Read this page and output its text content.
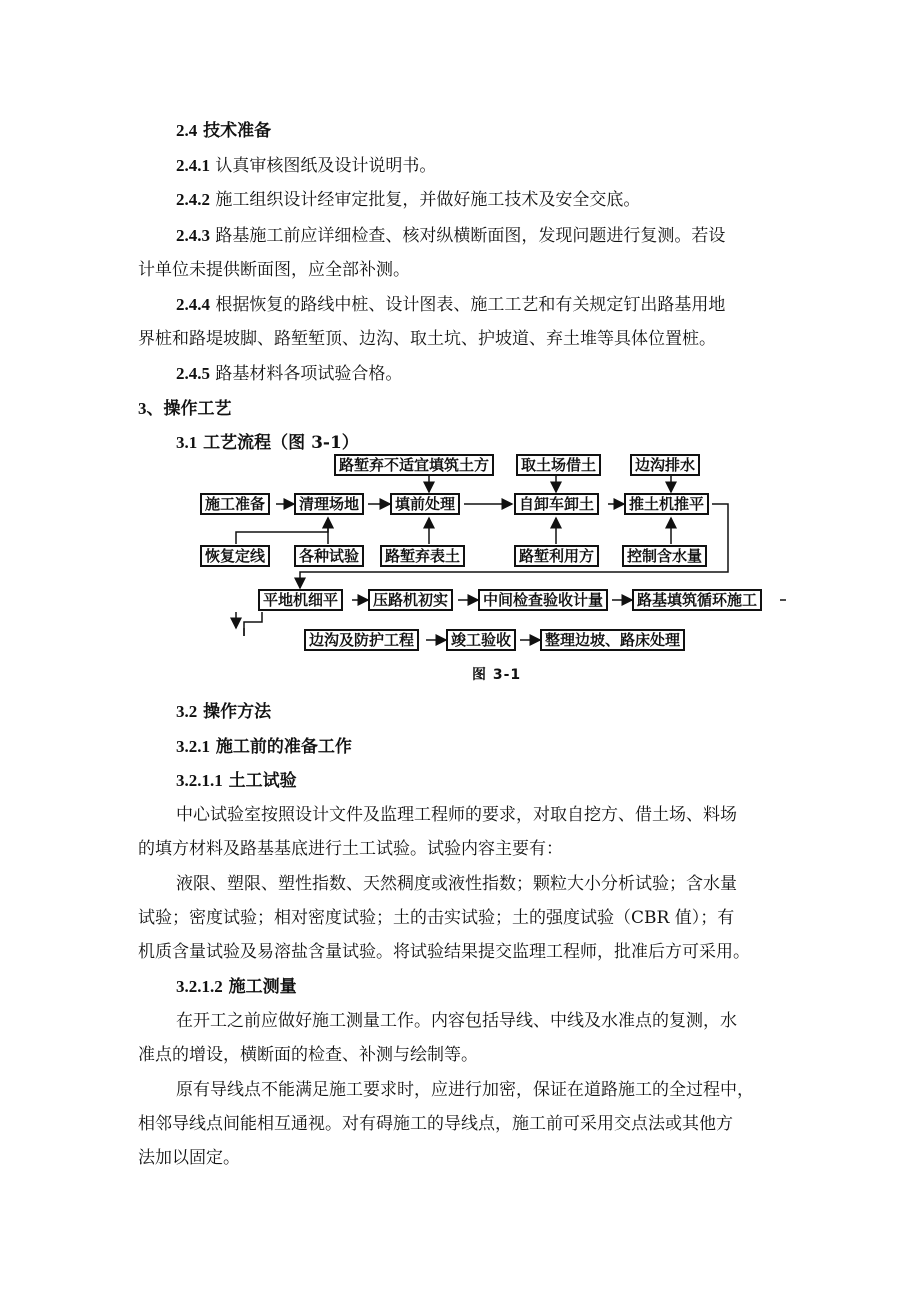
2.4 技术准备
2.4.1 认真审核图纸及设计说明书。
2.4.2 施工组织设计经审定批复，并做好施工技术及安全交底。
2.4.3 路基施工前应详细检查、核对纵横断面图，发现问题进行复测。若设
计单位未提供断面图，应全部补测。
2.4.4 根据恢复的路线中桩、设计图表、施工工艺和有关规定钉出路基用地
界桩和路堤坡脚、路堑堑顶、边沟、取土坑、护坡道、弃土堆等具体位置桩。
2.4.5 路基材料各项试验合格。
3、操作工艺
3.1 工艺流程（图 3-1）
路堑弃不适宜填筑土方	取土场借土	边沟排水
施工准备	清理场地	填前处理	自卸车卸土	推土机推平
恢复定线	各种试验	路堑弃表土	路堑利用方	控制含水量
平地机细平	压路机初实	中间检查验收计量	路基填筑循环施工
边沟及防护工程	竣工验收	整理边坡、路床处理
图 3-1
3.2 操作方法
3.2.1 施工前的准备工作
3.2.1.1 土工试验
中心试验室按照设计文件及监理工程师的要求，对取自挖方、借土场、料场
的填方材料及路基基底进行土工试验。试验内容主要有：
液限、塑限、塑性指数、天然稠度或液性指数；颗粒大小分析试验；含水量
试验；密度试验；相对密度试验；土的击实试验；土的强度试验（CBR 值）；有
机质含量试验及易溶盐含量试验。将试验结果提交监理工程师，批准后方可采用。
3.2.1.2 施工测量
在开工之前应做好施工测量工作。内容包括导线、中线及水准点的复测，水
准点的增设，横断面的检查、补测与绘制等。
原有导线点不能满足施工要求时，应进行加密，保证在道路施工的全过程中，
相邻导线点间能相互通视。对有碍施工的导线点，施工前可采用交点法或其他方
法加以固定。
